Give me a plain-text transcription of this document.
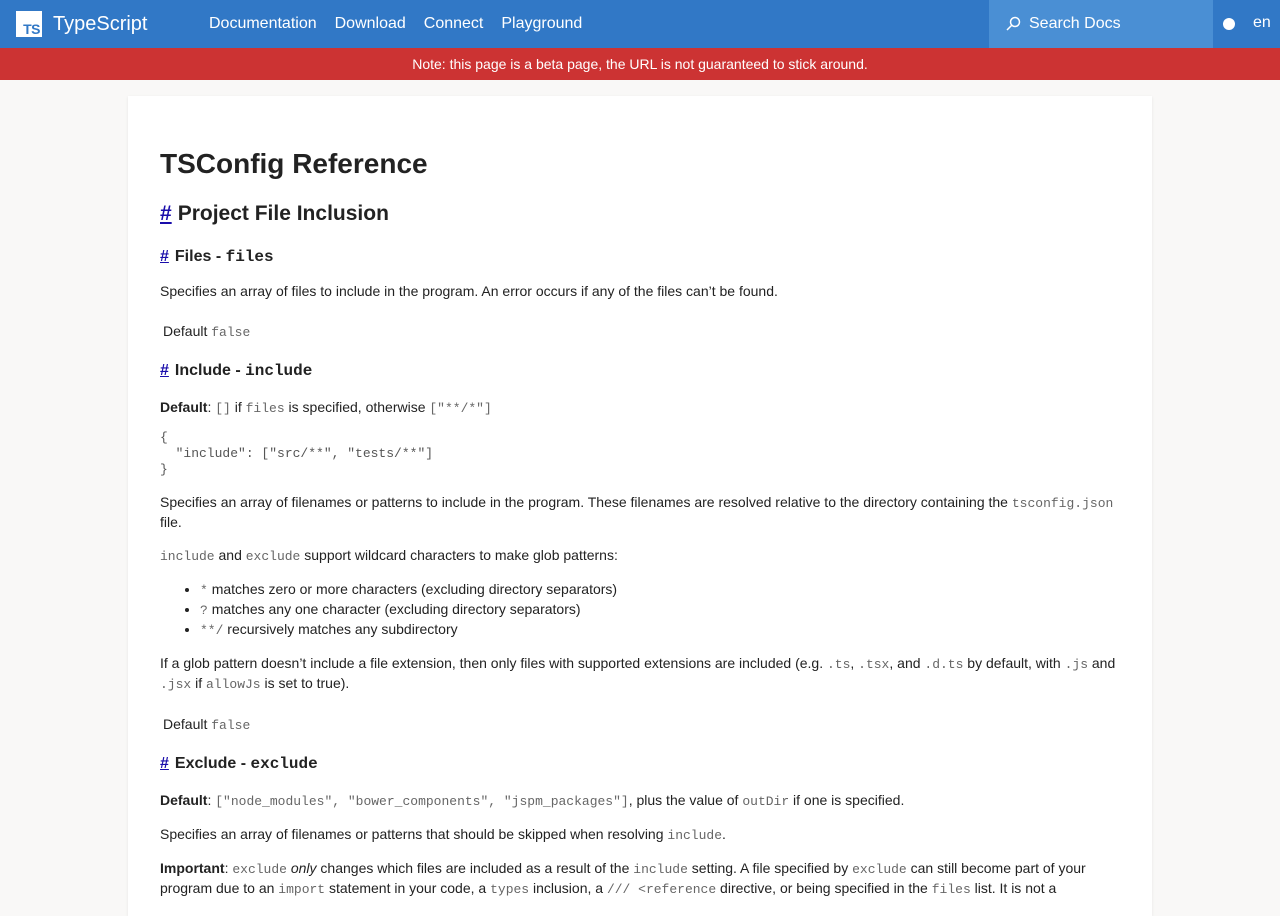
TS TypeScript	Documentation Download Connect Playground
Search Docs	en
Note: this page is a beta page, the URL is not guaranteed to stick around.
TSConfig Reference
# Project File Inclusion
# Files - files

Specifies an array of files to include in the program. An error occurs if any of the files can’t be found.

Default false

# Include - include

Default: [] if files is specified, otherwise ["**/*"]

{
"include": ["src/**", "tests/**"]
}

Specifies an array of filenames or patterns to include in the program. These filenames are resolved relative to the directory containing the tsconfig.json file.

include and exclude support wildcard characters to make glob patterns:

• * matches zero or more characters (excluding directory separators)
• ? matches any one character (excluding directory separators)
• **/ recursively matches any subdirectory

If a glob pattern doesn’t include a file extension, then only files with supported extensions are included (e.g. .ts, .tsx, and .d.ts by default, with .js and .jsx if allowJs is set to true).

Default false

# Exclude - exclude

Default: ["node_modules", "bower_components", "jspm_packages"], plus the value of outDir if one is specified.

Specifies an array of filenames or patterns that should be skipped when resolving include.

Important: exclude only changes which files are included as a result of the include setting. A file specified by exclude can still become part of your program due to an import statement in your code, a types inclusion, a /// <reference directive, or being specified in the files list. It is not a
